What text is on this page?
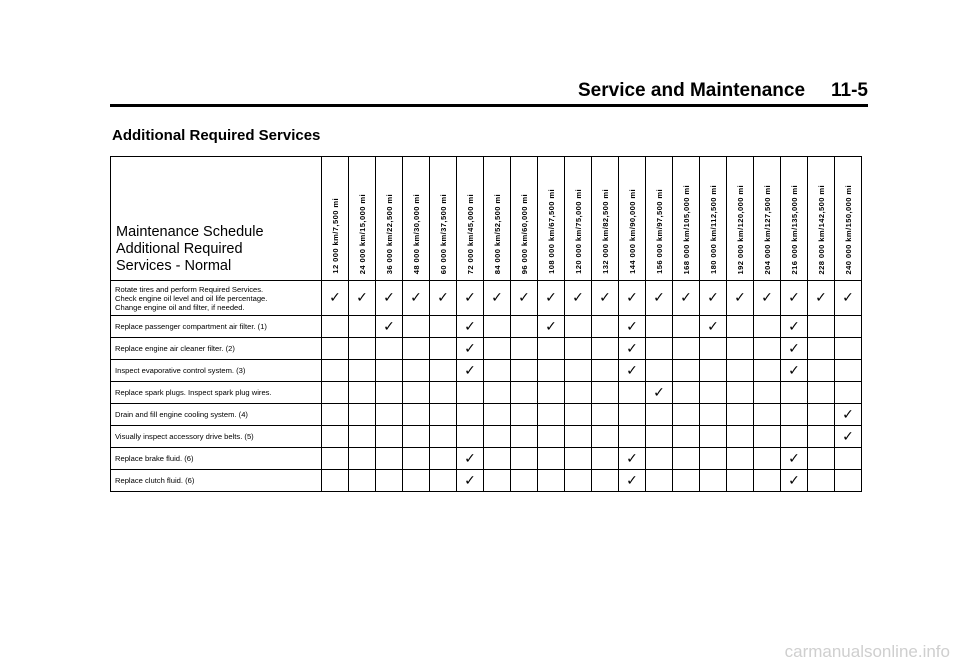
Service and Maintenance 11-5
Additional Required Services
Maintenance Schedule
Additional Required
Services - Normal	12 000 km/7,500 mi	24 000 km/15,000 mi	36 000 km/22,500 mi	48 000 km/30,000 mi	60 000 km/37,500 mi	72 000 km/45,000 mi	84 000 km/52,500 mi	96 000 km/60,000 mi	108 000 km/67,500 mi	120 000 km/75,000 mi	132 000 km/82,500 mi	144 000 km/90,000 mi	156 000 km/97,500 mi	168 000 km/105,000 mi	180 000 km/112,500 mi	192 000 km/120,000 mi	204 000 km/127,500 mi	216 000 km/135,000 mi	228 000 km/142,500 mi	240 000 km/150,000 mi

Rotate tires and perform Required Services.
Check engine oil level and oil life percentage.
Change engine oil and filter, if needed.	✓	✓	✓	✓	✓	✓	✓	✓	✓	✓	✓	✓	✓	✓	✓	✓	✓	✓	✓	✓
Replace passenger compartment air filter. (1)			✓			✓			✓			✓			✓			✓		
Replace engine air cleaner filter. (2)						✓						✓						✓		
Inspect evaporative control system. (3)						✓						✓						✓		
Replace spark plugs. Inspect spark plug wires.													✓							
Drain and fill engine cooling system. (4)																				✓
Visually inspect accessory drive belts. (5)																				✓
Replace brake fluid. (6)						✓						✓						✓		
Replace clutch fluid. (6)						✓						✓						✓		
carmanualsonline.info
